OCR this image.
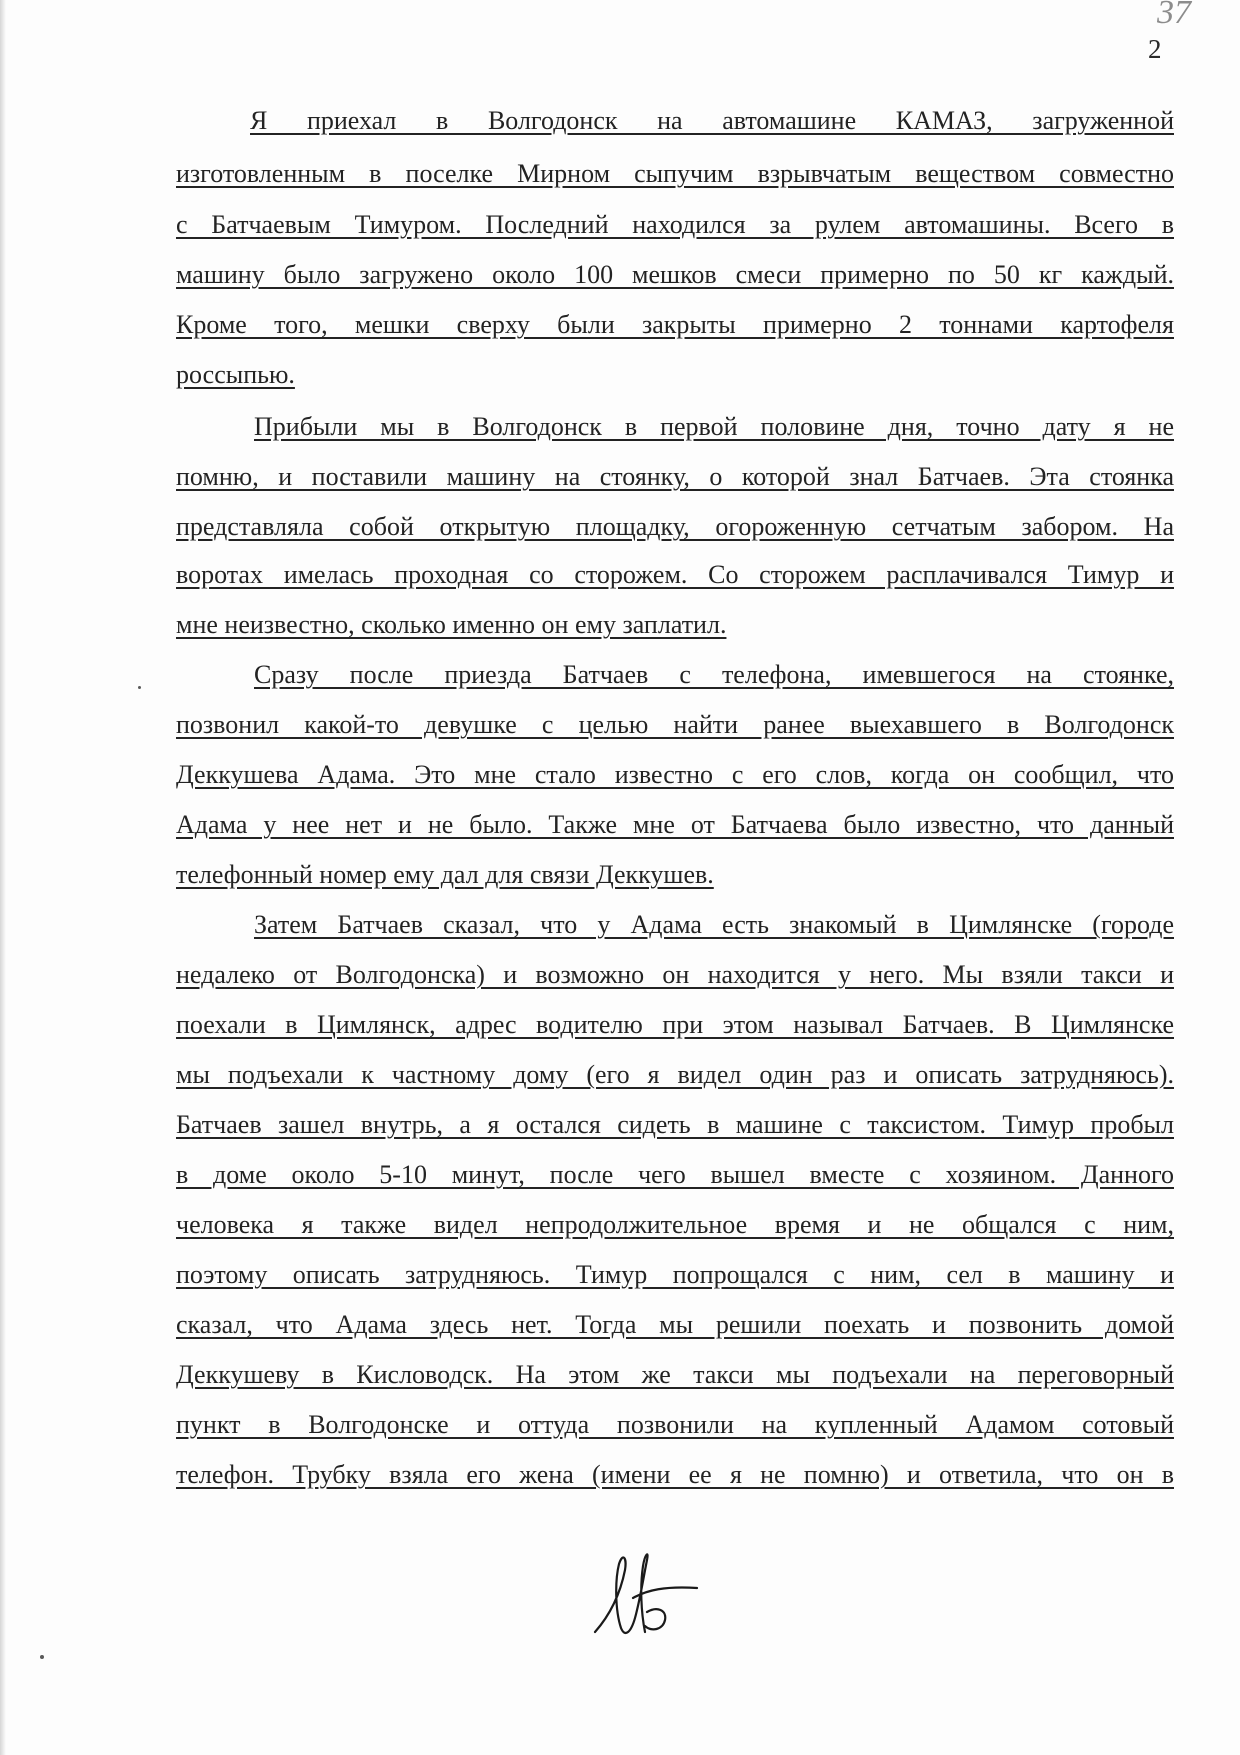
37
2
Я приехал в Волгодонск на автомашине КАМАЗ, загруженной
изготовленным в поселке Мирном сыпучим взрывчатым веществом совместно
с Батчаевым Тимуром. Последний находился за рулем автомашины. Всего в
машину было загружено около 100 мешков смеси примерно по 50 кг каждый.
Кроме того, мешки сверху были закрыты примерно 2 тоннами картофеля
россыпью.
Прибыли мы в Волгодонск в первой половине дня, точно дату я не
помню, и поставили машину на стоянку, о которой знал Батчаев. Эта стоянка
представляла собой открытую площадку, огороженную сетчатым забором. На
воротах имелась проходная со сторожем. Со сторожем расплачивался Тимур и
мне неизвестно, сколько именно он ему заплатил.
Сразу после приезда Батчаев с телефона, имевшегося на стоянке,
позвонил какой-то девушке с целью найти ранее выехавшего в Волгодонск
Деккушева Адама. Это мне стало известно с его слов, когда он сообщил, что
Адама у нее нет и не было. Также мне от Батчаева было известно, что данный
телефонный номер ему дал для связи Деккушев.
Затем Батчаев сказал, что у Адама есть знакомый в Цимлянске (городе
недалеко от Волгодонска) и возможно он находится у него. Мы взяли такси и
поехали в Цимлянск, адрес водителю при этом называл Батчаев. В Цимлянске
мы подъехали к частному дому (его я видел один раз и описать затрудняюсь).
Батчаев зашел внутрь, а я остался сидеть в машине с таксистом. Тимур пробыл
в доме около 5-10 минут, после чего вышел вместе с хозяином. Данного
человека я также видел непродолжительное время и не общался с ним,
поэтому описать затрудняюсь. Тимур попрощался с ним, сел в машину и
сказал, что Адама здесь нет. Тогда мы решили поехать и позвонить домой
Деккушеву в Кисловодск. На этом же такси мы подъехали на переговорный
пункт в Волгодонске и оттуда позвонили на купленный Адамом сотовый
телефон. Трубку взяла его жена (имени ее я не помню) и ответила, что он в
